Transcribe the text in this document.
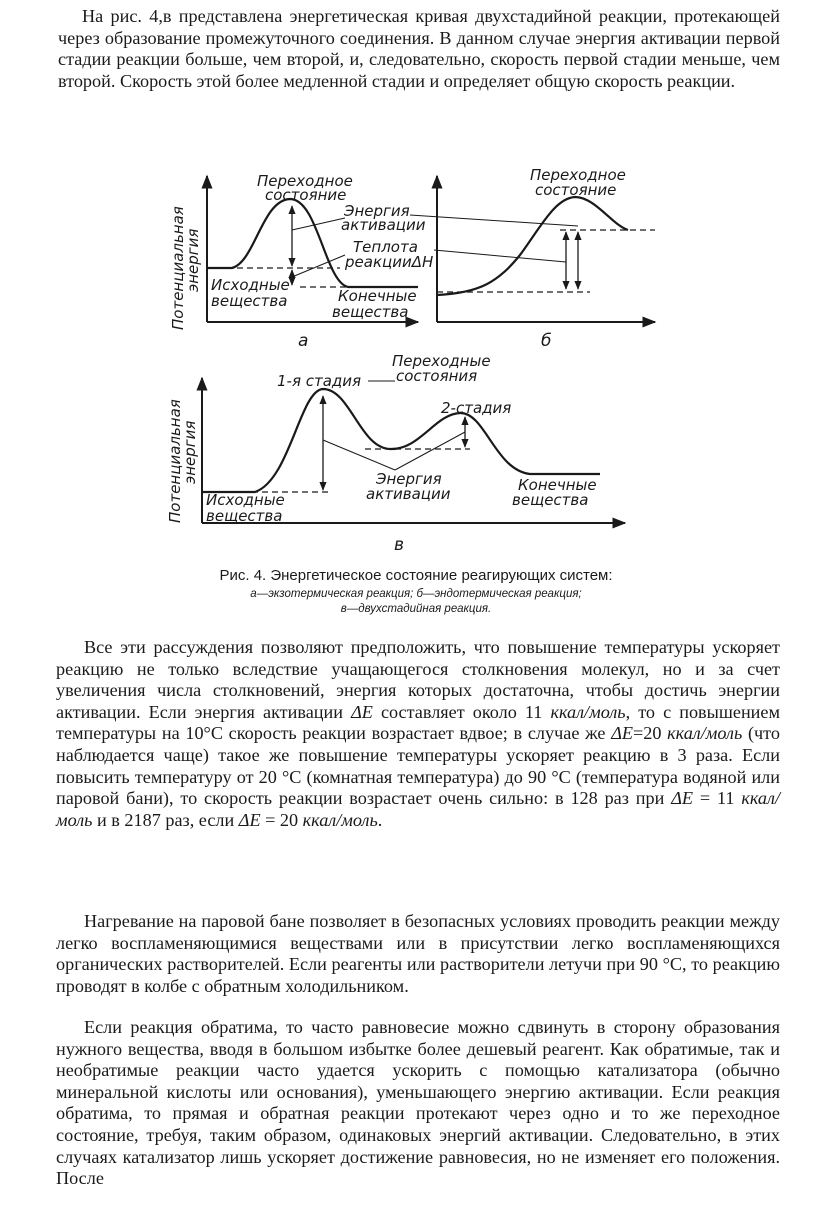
На рис. 4,в представлена энергетическая кривая двухстадийной реакции, протекающей через образование промежуточного соединения. В данном случае энергия активации первой стадии реакции больше, чем второй, и, следовательно, скорость первой стадии меньше, чем второй. Скорость этой более медленной стадии и определяет общую скорость реакции.

Переходное
состояние
Энергия
активации
Теплота
реакцииΔН
Исходные
вещества	Конечные
вещества
а
Потенциальная
энергия
Переходное
состояние
б
1-я стадия
Переходные
состояния
2-стадия
Энергия
активации
Исходные
вещества
Конечные
вещества
в
Потенциальная
энергия

Рис. 4. Энергетическое состояние реагирующих систем:

а—экзотермическая реакция; б—эндотермическая реакция;

в—двухстадийная реакция.

Все эти рассуждения позволяют предположить, что повышение температуры ускоряет реакцию не только вследствие учащающегося столкновения молекул, но и за счет увеличения числа столкновений, энергия которых достаточна, чтобы достичь энергии активации. Если энергия активации ΔE составляет около 11 ккал/моль, то с повышением температуры на 10°C скорость реакции возрастает вдвое; в случае же ΔE=20 ккал/моль (что наблюдается чаще) такое же повышение температуры ускоряет реакцию в 3 раза. Если повысить температуру от 20 °C (комнатная температура) до 90 °C (температура водяной или паровой бани), то скорость реакции возрастает очень сильно: в 128 раз при ΔE = 11 ккал/моль и в 2187 раз, если ΔE = 20 ккал/моль.

Нагревание на паровой бане позволяет в безопасных условиях проводить реакции между легко воспламеняющимися веществами или в присутствии легко воспламеняющихся органических растворителей. Если реагенты или растворители летучи при 90 °C, то реакцию проводят в колбе с обратным холодильником.

Если реакция обратима, то часто равновесие можно сдвинуть в сторону образования нужного вещества, вводя в большом избытке более дешевый реагент. Как обратимые, так и необратимые реакции часто удается ускорить с помощью катализатора (обычно минеральной кислоты или основания), уменьшающего энергию активации. Если реакция обратима, то прямая и обратная реакции протекают через одно и то же переходное состояние, требуя, таким образом, одинаковых энергий активации. Следовательно, в этих случаях катализатор лишь ускоряет достижение равновесия, но не изменяет его положения. После
